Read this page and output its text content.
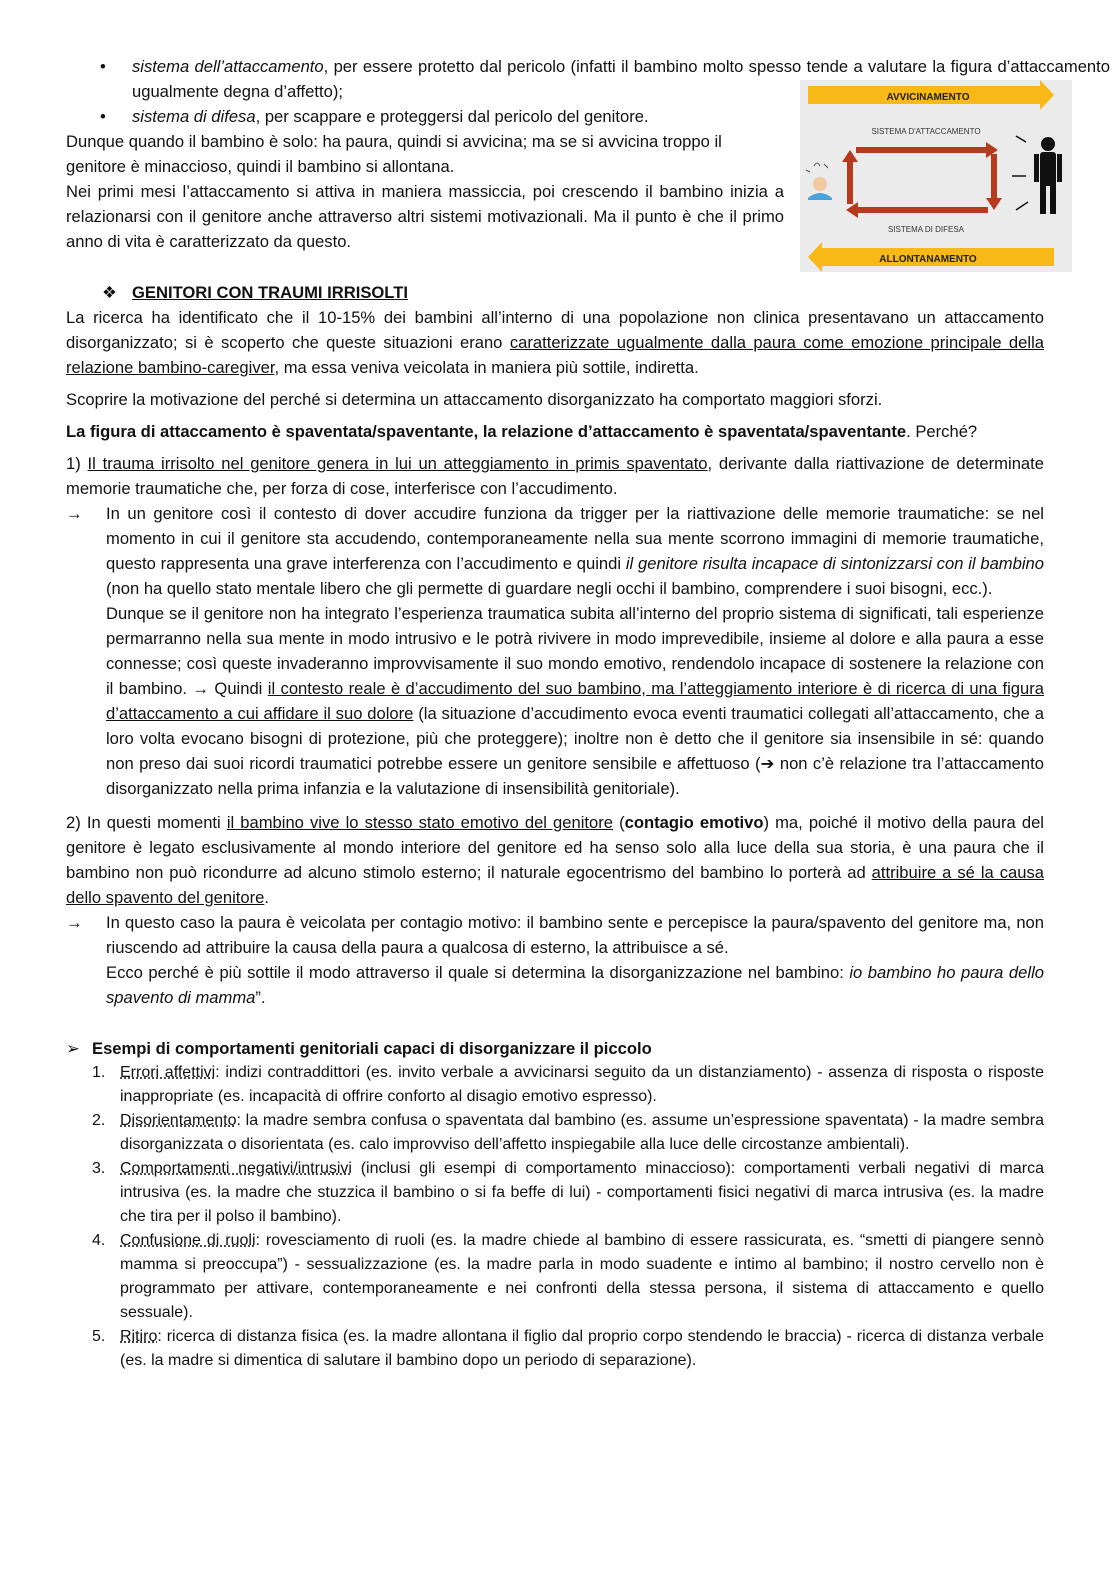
• sistema dell’attaccamento, per essere protetto dal pericolo (infatti il bambino molto spesso tende a valutare la figura d’attaccamento ugualmente degna d’affetto);
• sistema di difesa, per scappare e proteggersi dal pericolo del genitore.

Dunque quando il bambino è solo: ha paura, quindi si avvicina; ma se si avvicina troppo il genitore è minaccioso, quindi il bambino si allontana.

Nei primi mesi l’attaccamento si attiva in maniera massiccia, poi crescendo il bambino inizia a relazionarsi con il genitore anche attraverso altri sistemi motivazionali. Ma il punto è che il primo anno di vita è caratterizzato da questo.

AVVICINAMENTO
SISTEMA D'ATTACCAMENTO
SISTEMA DI DIFESA
ALLONTANAMENTO
❖ GENITORI CON TRAUMI IRRISOLTI

La ricerca ha identificato che il 10-15% dei bambini all’interno di una popolazione non clinica presentavano un attaccamento disorganizzato; si è scoperto che queste situazioni erano caratterizzate ugualmente dalla paura come emozione principale della relazione bambino-caregiver, ma essa veniva veicolata in maniera più sottile, indiretta.

Scoprire la motivazione del perché si determina un attaccamento disorganizzato ha comportato maggiori sforzi.

La figura di attaccamento è spaventata/spaventante, la relazione d’attaccamento è spaventata/spaventante. Perché?

1) Il trauma irrisolto nel genitore genera in lui un atteggiamento in primis spaventato, derivante dalla riattivazione de determinate memorie traumatiche che, per forza di cose, interferisce con l’accudimento.

→ In un genitore così il contesto di dover accudire funziona da trigger per la riattivazione delle memorie traumatiche: se nel momento in cui il genitore sta accudendo, contemporaneamente nella sua mente scorrono immagini di memorie traumatiche, questo rappresenta una grave interferenza con l’accudimento e quindi il genitore risulta incapace di sintonizzarsi con il bambino (non ha quello stato mentale libero che gli permette di guardare negli occhi il bambino, comprendere i suoi bisogni, ecc.).

Dunque se il genitore non ha integrato l’esperienza traumatica subita all’interno del proprio sistema di significati, tali esperienze permarranno nella sua mente in modo intrusivo e le potrà rivivere in modo imprevedibile, insieme al dolore e alla paura a esse connesse; così queste invaderanno improvvisamente il suo mondo emotivo, rendendolo incapace di sostenere la relazione con il bambino. → Quindi il contesto reale è d’accudimento del suo bambino, ma l’atteggiamento interiore è di ricerca di una figura d’attaccamento a cui affidare il suo dolore (la situazione d’accudimento evoca eventi traumatici collegati all’attaccamento, che a loro volta evocano bisogni di protezione, più che proteggere); inoltre non è detto che il genitore sia insensibile in sé: quando non preso dai suoi ricordi traumatici potrebbe essere un genitore sensibile e affettuoso (➔ non c’è relazione tra l’attaccamento disorganizzato nella prima infanzia e la valutazione di insensibilità genitoriale).

2) In questi momenti il bambino vive lo stesso stato emotivo del genitore (contagio emotivo) ma, poiché il motivo della paura del genitore è legato esclusivamente al mondo interiore del genitore ed ha senso solo alla luce della sua storia, è una paura che il bambino non può ricondurre ad alcuno stimolo esterno; il naturale egocentrismo del bambino lo porterà ad attribuire a sé la causa dello spavento del genitore.

→ In questo caso la paura è veicolata per contagio motivo: il bambino sente e percepisce la paura/spavento del genitore ma, non riuscendo ad attribuire la causa della paura a qualcosa di esterno, la attribuisce a sé.

Ecco perché è più sottile il modo attraverso il quale si determina la disorganizzazione nel bambino: io bambino ho paura dello spavento di mamma”.

➢ Esempi di comportamenti genitoriali capaci di disorganizzare il piccolo
1. Errori affettivi: indizi contraddittori (es. invito verbale a avvicinarsi seguito da un distanziamento) - assenza di risposta o risposte inappropriate (es. incapacità di offrire conforto al disagio emotivo espresso).
2. Disorientamento: la madre sembra confusa o spaventata dal bambino (es. assume un’espressione spaventata) - la madre sembra disorganizzata o disorientata (es. calo improvviso dell’affetto inspiegabile alla luce delle circostanze ambientali).
3. Comportamenti negativi/intrusivi (inclusi gli esempi di comportamento minaccioso): comportamenti verbali negativi di marca intrusiva (es. la madre che stuzzica il bambino o si fa beffe di lui) - comportamenti fisici negativi di marca intrusiva (es. la madre che tira per il polso il bambino).
4. Confusione di ruoli: rovesciamento di ruoli (es. la madre chiede al bambino di essere rassicurata, es. “smetti di piangere sennò mamma si preoccupa”) - sessualizzazione (es. la madre parla in modo suadente e intimo al bambino; il nostro cervello non è programmato per attivare, contemporaneamente e nei confronti della stessa persona, il sistema di attaccamento e quello sessuale).
5. Ritiro: ricerca di distanza fisica (es. la madre allontana il figlio dal proprio corpo stendendo le braccia) - ricerca di distanza verbale (es. la madre si dimentica di salutare il bambino dopo un periodo di separazione).
